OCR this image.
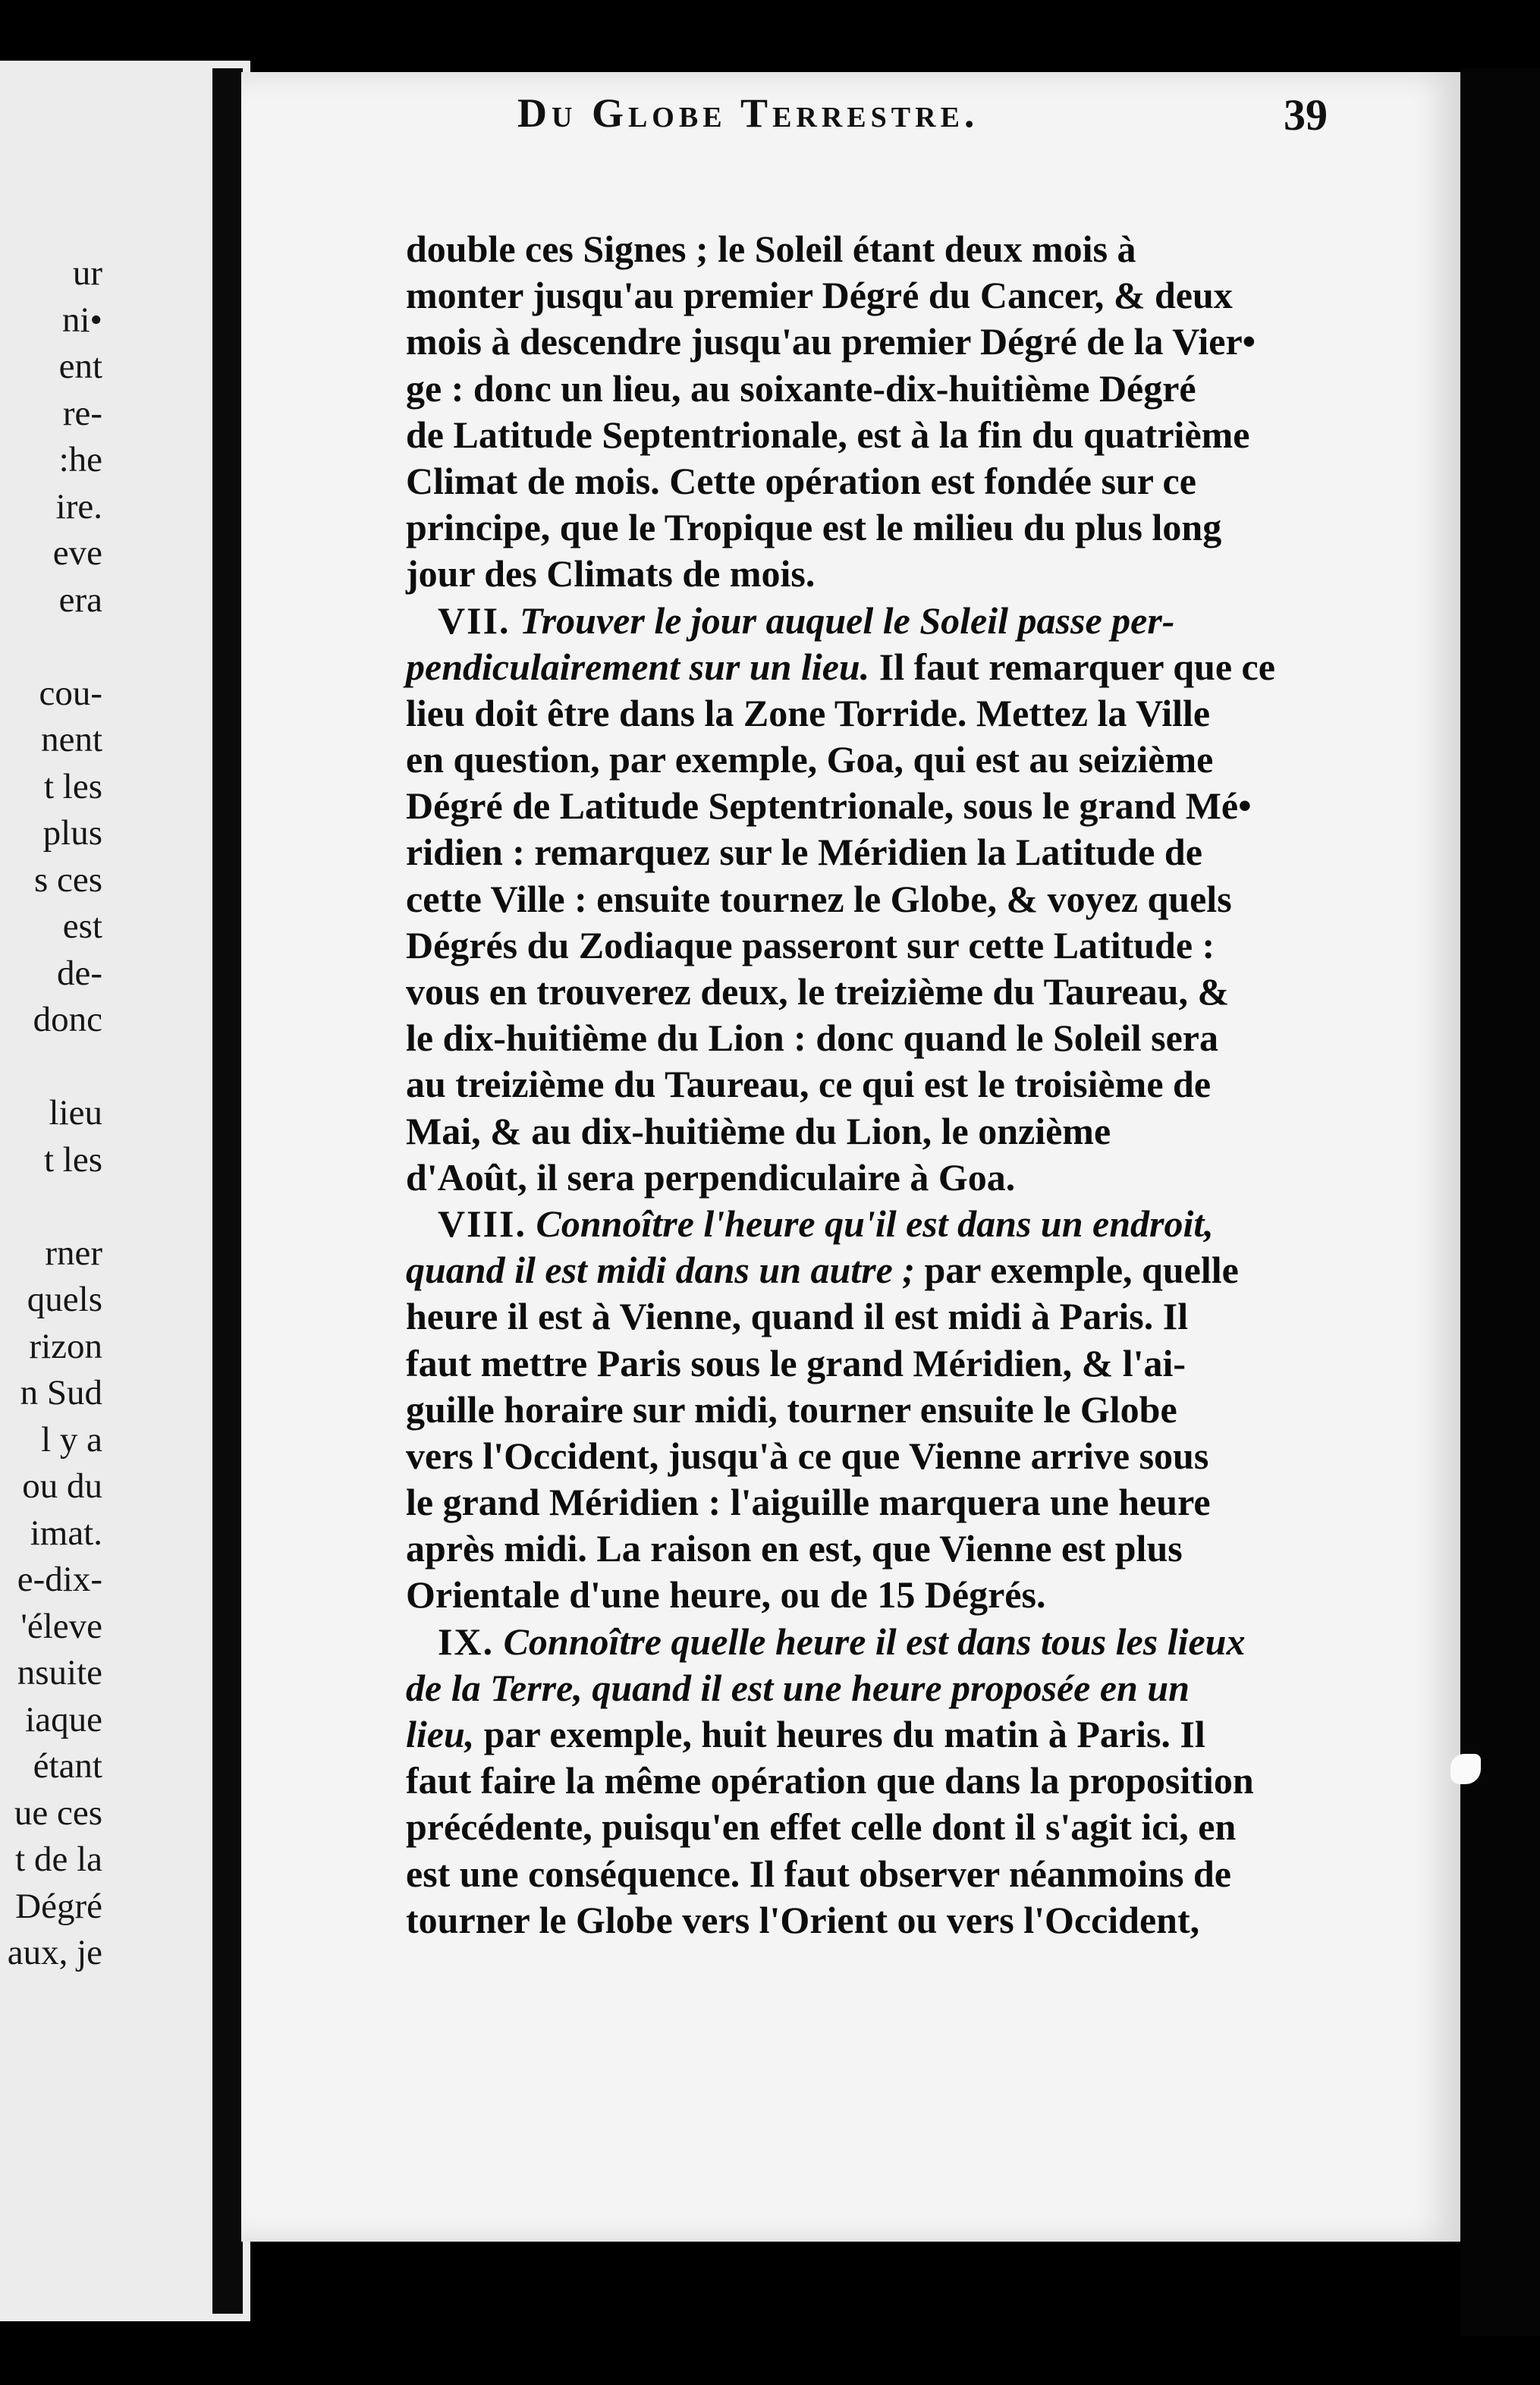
ur
ni•
ent
re-
:he
ire.
eve
era
cou-
nent
t les
plus
s ces
est
de-
donc
lieu
t les
rner
quels
rizon
n Sud
l y a
ou du
imat.
e-dix-
'éleve
nsuite
iaque
étant
ue ces
t de la
Dégré
aux, je
Du Globe Terrestre.	39
double ces Signes ; le Soleil étant deux mois à
monter jusqu'au premier Dégré du Cancer, & deux
mois à descendre jusqu'au premier Dégré de la Vier•
ge : donc un lieu, au soixante-dix-huitième Dégré
de Latitude Septentrionale, est à la fin du quatrième
Climat de mois. Cette opération est fondée sur ce
principe, que le Tropique est le milieu du plus long
jour des Climats de mois.
VII. Trouver le jour auquel le Soleil passe per-
pendiculairement sur un lieu. Il faut remarquer que ce
lieu doit être dans la Zone Torride. Mettez la Ville
en question, par exemple, Goa, qui est au seizième
Dégré de Latitude Septentrionale, sous le grand Mé•
ridien : remarquez sur le Méridien la Latitude de
cette Ville : ensuite tournez le Globe, & voyez quels
Dégrés du Zodiaque passeront sur cette Latitude :
vous en trouverez deux, le treizième du Taureau, &
le dix-huitième du Lion : donc quand le Soleil sera
au treizième du Taureau, ce qui est le troisième de
Mai, & au dix-huitième du Lion, le onzième
d'Août, il sera perpendiculaire à Goa.
VIII. Connoître l'heure qu'il est dans un endroit,
quand il est midi dans un autre ; par exemple, quelle
heure il est à Vienne, quand il est midi à Paris. Il
faut mettre Paris sous le grand Méridien, & l'ai-
guille horaire sur midi, tourner ensuite le Globe
vers l'Occident, jusqu'à ce que Vienne arrive sous
le grand Méridien : l'aiguille marquera une heure
après midi. La raison en est, que Vienne est plus
Orientale d'une heure, ou de 15 Dégrés.
IX. Connoître quelle heure il est dans tous les lieux
de la Terre, quand il est une heure proposée en un
lieu, par exemple, huit heures du matin à Paris. Il
faut faire la même opération que dans la proposition
précédente, puisqu'en effet celle dont il s'agit ici, en
est une conséquence. Il faut observer néanmoins de
tourner le Globe vers l'Orient ou vers l'Occident,
